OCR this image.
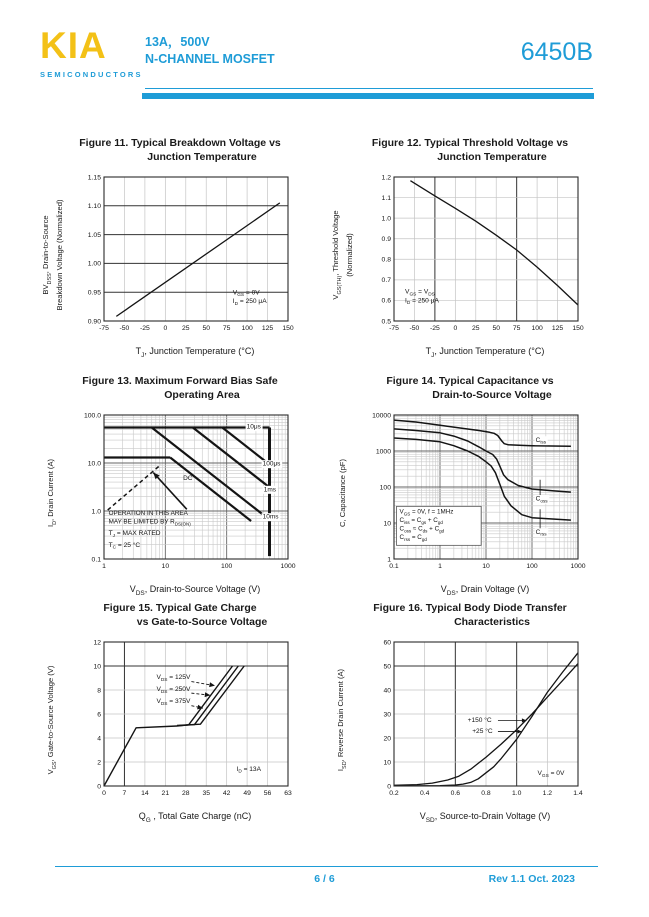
KIA
SEMICONDUCTORS
13A，500V
N-CHANNEL MOSFET	6450B
Figure 11. Typical Breakdown Voltage vs
Junction Temperature
$BV_{DSS}$, Drain-to-Source Breakdown Voltage (Normalized)
-75 -50 -25 0 25 50 75 100 125 150
0.90
0.95
1.00
1.05
1.10
1.15
$V_{GS} = 0V$
$I_D = 250$ μA
$T_J$, Junction Temperature (°C)
Figure 12. Typical Threshold Voltage vs
Junction Temperature
$V_{GS(TH)}$, Threshold Voltage (Normalized)
-75 -50 -25 0 25 50 75 100 125 150
0.5
0.6
0.7
0.8
0.9
1.0
1.1
1.2
$V_{GS} = V_{DS}$
$I_D = 250$ μA
$T_J$, Junction Temperature (°C)
Figure 13. Maximum Forward Bias Safe
Operating Area
$I_D$, Drain Current (A)
1	10	100	1000
0.1
1.0
10.0
100.0
10μs
100μs
1ms
10ms
DC
OPERATION IN THIS AREA
MAY BE LIMITED BY $R_{DS(ON)}$
$T_J$ = MAX RATED
$T_C = 25$ °C
$V_{DS}$, Drain-to-Source Voltage (V)
Figure 14. Typical Capacitance vs
Drain-to-Source Voltage
C, Capacitance (pF)
0.1	1	10	100	1000
1
10
100
1000
10000
$C_{iss}$
$C_{oss}$
$C_{rss}$
$V_{GS} = 0V$, f = 1MHz
$C_{iss} = C_{gs} + C_{gd}$
$C_{oss} \approx C_{ds} + C_{gd}$
$C_{rss} = C_{gd}$
$V_{DS}$, Drain Voltage (V)
Figure 15. Typical Gate Charge
vs Gate-to-Source Voltage
$V_{GS}$, Gate-to-Source Voltage (V)
0 7 14 21 28 35 42 49 56 63
0
2
4
6
8
10
12
$V_{DS} = 125V$
$V_{DS} = 250V$
$V_{DS} = 375V$
$I_D = 13A$
$Q_G$ , Total Gate Charge (nC)
Figure 16. Typical Body Diode Transfer
Characteristics
$I_{SD}$, Reverse Drain Current (A)
0.2	0.4	0.6	0.8	1.0	1.2	1.4
0
10
20
30
40
50
60
+150 °C
+25 °C
$V_{GS} = 0V$
$V_{SD}$, Source-to-Drain Voltage (V)
6 / 6	Rev 1.1 Oct. 2023
